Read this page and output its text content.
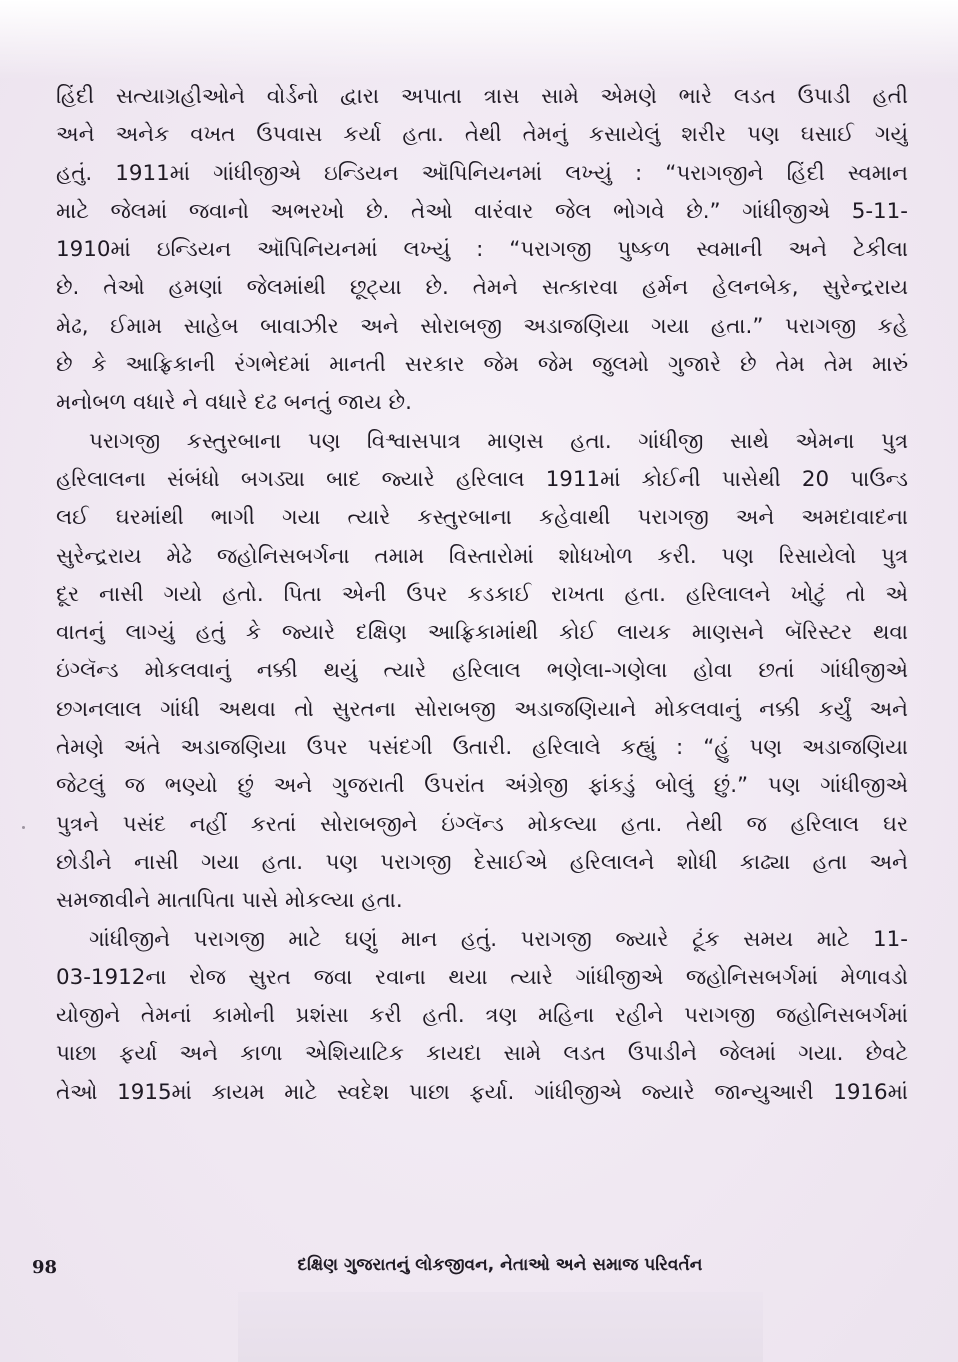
હિંદી સત્યાગ્રહીઓને વોર્ડનો દ્વારા અપાતા ત્રાસ સામે એમણે ભારે લડત ઉપાડી હતી
અને અનેક વખત ઉપવાસ કર્યા હતા. તેથી તેમનું કસાયેલું શરીર પણ ઘસાઈ ગયું
હતું. 1911માં ગાંધીજીએ ઇન્ડિયન ઑપિનિયનમાં લખ્યું : “પરાગજીને હિંદી સ્વમાન
માટે જેલમાં જવાનો અભરખો છે. તેઓ વારંવાર જેલ ભોગવે છે.” ગાંધીજીએ 5-11-
1910માં ઇન્ડિયન ઑપિનિયનમાં લખ્યું : “પરાગજી પુષ્કળ સ્વમાની અને ટેકીલા
છે. તેઓ હમણાં જેલમાંથી છૂટ્યા છે. તેમને સત્કારવા હર્મન હેલનબેક, સુરેન્દ્રરાય
મેઢ, ઈમામ સાહેબ બાવાઝીર અને સોરાબજી અડાજણિયા ગયા હતા.” પરાગજી કહે
છે કે આફ્રિકાની રંગભેદમાં માનતી સરકાર જેમ જેમ જુલમો ગુજારે છે તેમ તેમ મારું
મનોબળ વધારે ને વધારે દઢ બનતું જાય છે.

પરાગજી કસ્તુરબાના પણ વિશ્વાસપાત્ર માણસ હતા. ગાંધીજી સાથે એમના પુત્ર
હરિલાલના સંબંધો બગડ્યા બાદ જ્યારે હરિલાલ 1911માં કોઈની પાસેથી 20 પાઉન્ડ
લઈ ઘરમાંથી ભાગી ગયા ત્યારે કસ્તુરબાના કહેવાથી પરાગજી અને અમદાવાદના
સુરેન્દ્રરાય મેઢે જહોનિસબર્ગના તમામ વિસ્તારોમાં શોધખોળ કરી. પણ રિસાયેલો પુત્ર
દૂર નાસી ગયો હતો. પિતા એની ઉપર કડકાઈ રાખતા હતા. હરિલાલને ખોટું તો એ
વાતનું લાગ્યું હતું કે જ્યારે દક્ષિણ આફ્રિકામાંથી કોઈ લાયક માણસને બૅરિસ્ટર થવા
ઇંગ્લૅન્ડ મોકલવાનું નક્કી થયું ત્યારે હરિલાલ ભણેલા-ગણેલા હોવા છતાં ગાંધીજીએ
છગનલાલ ગાંધી અથવા તો સુરતના સોરાબજી અડાજણિયાને મોકલવાનું નક્કી કર્યું અને
તેમણે અંતે અડાજણિયા ઉપર પસંદગી ઉતારી. હરિલાલે કહ્યું : “હું પણ અડાજણિયા
જેટલું જ ભણ્યો છું અને ગુજરાતી ઉપરાંત અંગ્રેજી ફાંકડું બોલું છું.” પણ ગાંધીજીએ
પુત્રને પસંદ નહીં કરતાં સોરાબજીને ઇંગ્લૅન્ડ મોકલ્યા હતા. તેથી જ હરિલાલ ઘર
છોડીને નાસી ગયા હતા. પણ પરાગજી દેસાઈએ હરિલાલને શોધી કાઢ્યા હતા અને
સમજાવીને માતાપિતા પાસે મોકલ્યા હતા.

ગાંધીજીને પરાગજી માટે ઘણું માન હતું. પરાગજી જ્યારે ટૂંક સમય માટે 11-
03-1912ના રોજ સુરત જવા રવાના થયા ત્યારે ગાંધીજીએ જહોનિસબર્ગમાં મેળાવડો
યોજીને તેમનાં કામોની પ્રશંસા કરી હતી. ત્રણ મહિના રહીને પરાગજી જહોનિસબર્ગમાં
પાછા ફર્યા અને કાળા એશિયાટિક કાયદા સામે લડત ઉપાડીને જેલમાં ગયા. છેવટે
તેઓ 1915માં કાયમ માટે સ્વદેશ પાછા ફર્યા. ગાંધીજીએ જ્યારે જાન્યુઆરી 1916માં

98	દક્ષિણ ગુજરાતનું લોકજીવન, નેતાઓ અને સમાજ પરિવર્તન
